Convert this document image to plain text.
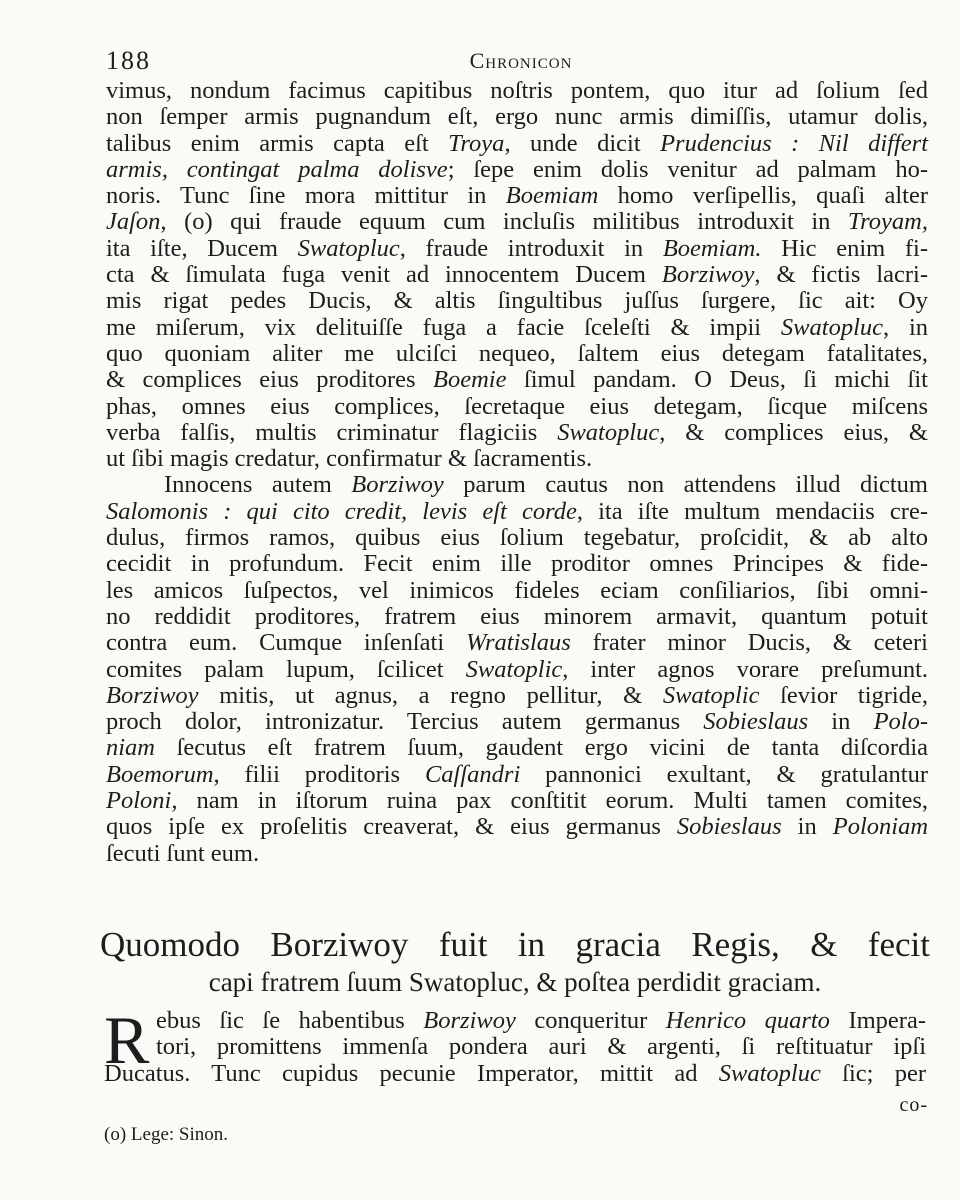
188	Chronicon
vimus, nondum facimus capitibus noſtris pontem, quo itur ad ſolium ſed
non ſemper armis pugnandum eſt, ergo nunc armis dimiſſis, utamur dolis,
talibus enim armis capta eſt Troya, unde dicit Prudencius : Nil differt
armis, contingat palma dolisve; ſepe enim dolis venitur ad palmam ho-
noris. Tunc ſine mora mittitur in Boemiam homo verſipellis, quaſi alter
Jaſon, (o) qui fraude equum cum incluſis militibus introduxit in Troyam,
ita iſte, Ducem Swatopluc, fraude introduxit in Boemiam. Hic enim fi-
cta & ſimulata fuga venit ad innocentem Ducem Borziwoy, & fictis lacri-
mis rigat pedes Ducis, & altis ſingultibus juſſus ſurgere, ſic ait: Oy
me miſerum, vix delituiſſe fuga a facie ſceleſti & impii Swatopluc, in
quo quoniam aliter me ulciſci nequeo, ſaltem eius detegam fatalitates,
& complices eius proditores Boemie ſimul pandam. O Deus, ſi michi ſit
phas, omnes eius complices, ſecretaque eius detegam, ſicque miſcens
verba falſis, multis criminatur flagiciis Swatopluc, & complices eius, &
ut ſibi magis credatur, confirmatur & ſacramentis.
Innocens autem Borziwoy parum cautus non attendens illud dictum
Salomonis : qui cito credit, levis eſt corde, ita iſte multum mendaciis cre-
dulus, firmos ramos, quibus eius ſolium tegebatur, proſcidit, & ab alto
cecidit in profundum. Fecit enim ille proditor omnes Principes & fide-
les amicos ſuſpectos, vel inimicos fideles eciam conſiliarios, ſibi omni-
no reddidit proditores, fratrem eius minorem armavit, quantum potuit
contra eum. Cumque inſenſati Wratislaus frater minor Ducis, & ceteri
comites palam lupum, ſcilicet Swatoplic, inter agnos vorare preſumunt.
Borziwoy mitis, ut agnus, a regno pellitur, & Swatoplic ſevior tigride,
proch dolor, intronizatur. Tercius autem germanus Sobieslaus in Polo-
niam ſecutus eſt fratrem ſuum, gaudent ergo vicini de tanta diſcordia
Boemorum, filii proditoris Caſſandri pannonici exultant, & gratulantur
Poloni, nam in iſtorum ruina pax conſtitit eorum. Multi tamen comites,
quos ipſe ex proſelitis creaverat, & eius germanus Sobieslaus in Poloniam
ſecuti ſunt eum.
Quomodo Borziwoy fuit in gracia Regis, & fecit
capi fratrem ſuum Swatopluc, & poſtea perdidit graciam.
R ebus ſic ſe habentibus Borziwoy conqueritur Henrico quarto Impera-
tori, promittens immenſa pondera auri & argenti, ſi reſtituatur ipſi
Ducatus. Tunc cupidus pecunie Imperator, mittit ad Swatopluc ſic; per
co-
(o) Lege: Sinon.
